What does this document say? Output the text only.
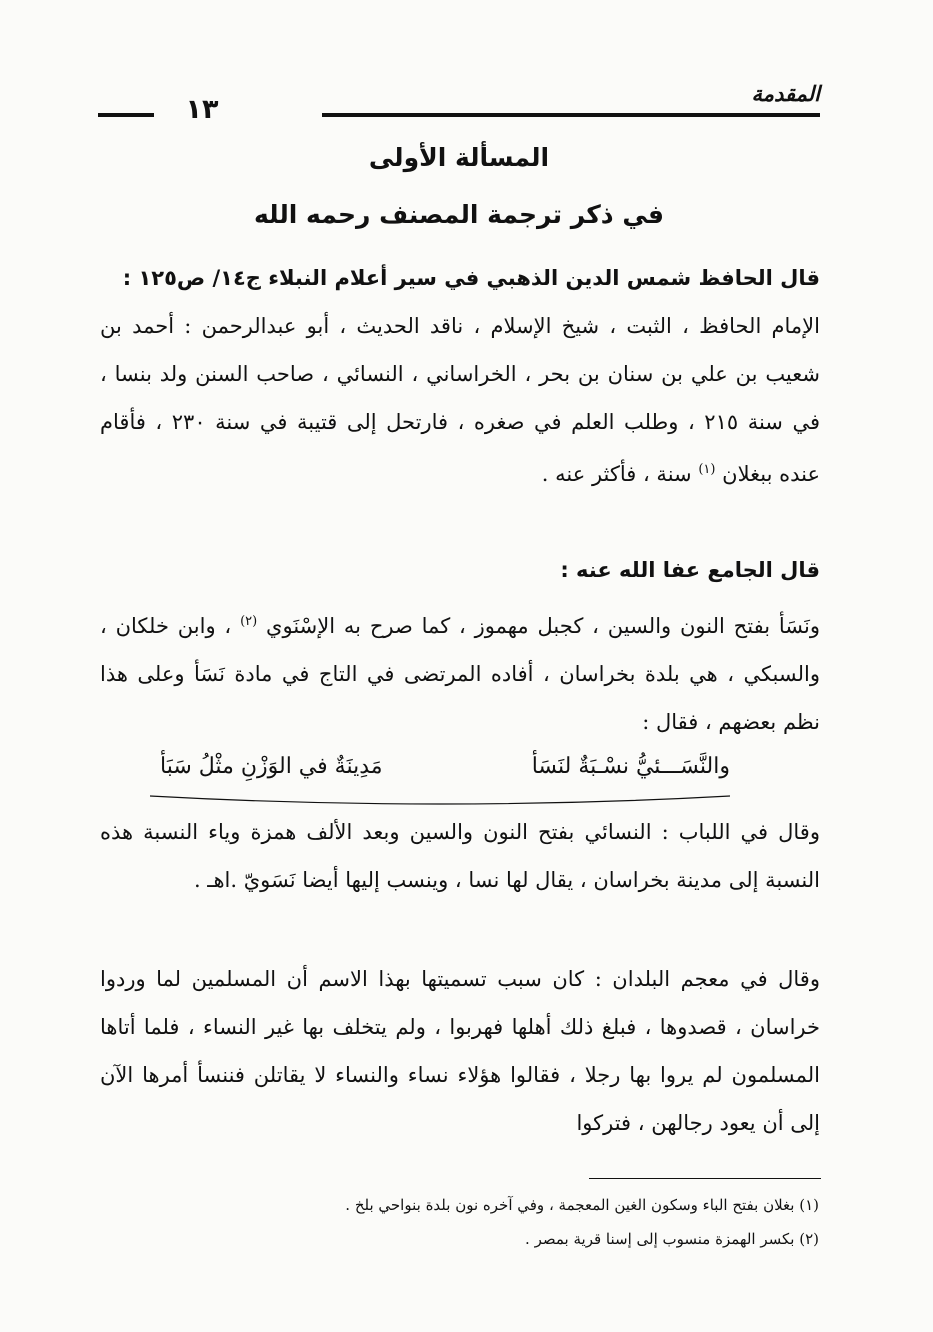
المقدمة
١٣
المسألة الأولى
في ذكر ترجمة المصنف رحمه الله
قال الحافظ شمس الدين الذهبي في سير أعلام النبلاء ج١٤/ ص١٢٥ :
الإمام الحافظ ، الثبت ، شيخ الإسلام ، ناقد الحديث ، أبو عبدالرحمن : أحمد بن شعيب بن علي بن سنان بن بحر ، الخراساني ، النسائي ، صاحب السنن ولد بنسا ، في سنة ٢١٥ ، وطلب العلم في صغره ، فارتحل إلى قتيبة في سنة ٢٣٠ ، فأقام عنده ببغلان $^{(١)}$ سنة ، فأكثر عنه .
قال الجامع عفا الله عنه :
ونَسَأ بفتح النون والسين ، كجبل مهموز ، كما صرح به الإسْنَوي $^{(٢)}$ ، وابن خلكان ، والسبكي ، هي بلدة بخراسان ، أفاده المرتضى في التاج في مادة نَسَأ وعلى هذا نظم بعضهم ، فقال :
والنَّسَـــئيُّ نسْـبَةٌ لنَسَأ
مَدِينَةٌ في الوَزْنِ مثْلُ سَبَأ
وقال في اللباب : النسائي بفتح النون والسين وبعد الألف همزة وياء النسبة هذه النسبة إلى مدينة بخراسان ، يقال لها نسا ، وينسب إليها أيضا نَسَويّ .اهـ .
وقال في معجم البلدان : كان سبب تسميتها بهذا الاسم أن المسلمين لما وردوا خراسان ، قصدوها ، فبلغ ذلك أهلها فهربوا ، ولم يتخلف بها غير النساء ، فلما أتاها المسلمون لم يروا بها رجلا ، فقالوا هؤلاء نساء والنساء لا يقاتلن فننسأ أمرها الآن إلى أن يعود رجالهن ، فتركوا
(١) بغلان بفتح الباء وسكون الغين المعجمة ، وفي آخره نون بلدة بنواحي بلخ .
(٢) بكسر الهمزة منسوب إلى إسنا قرية بمصر .
